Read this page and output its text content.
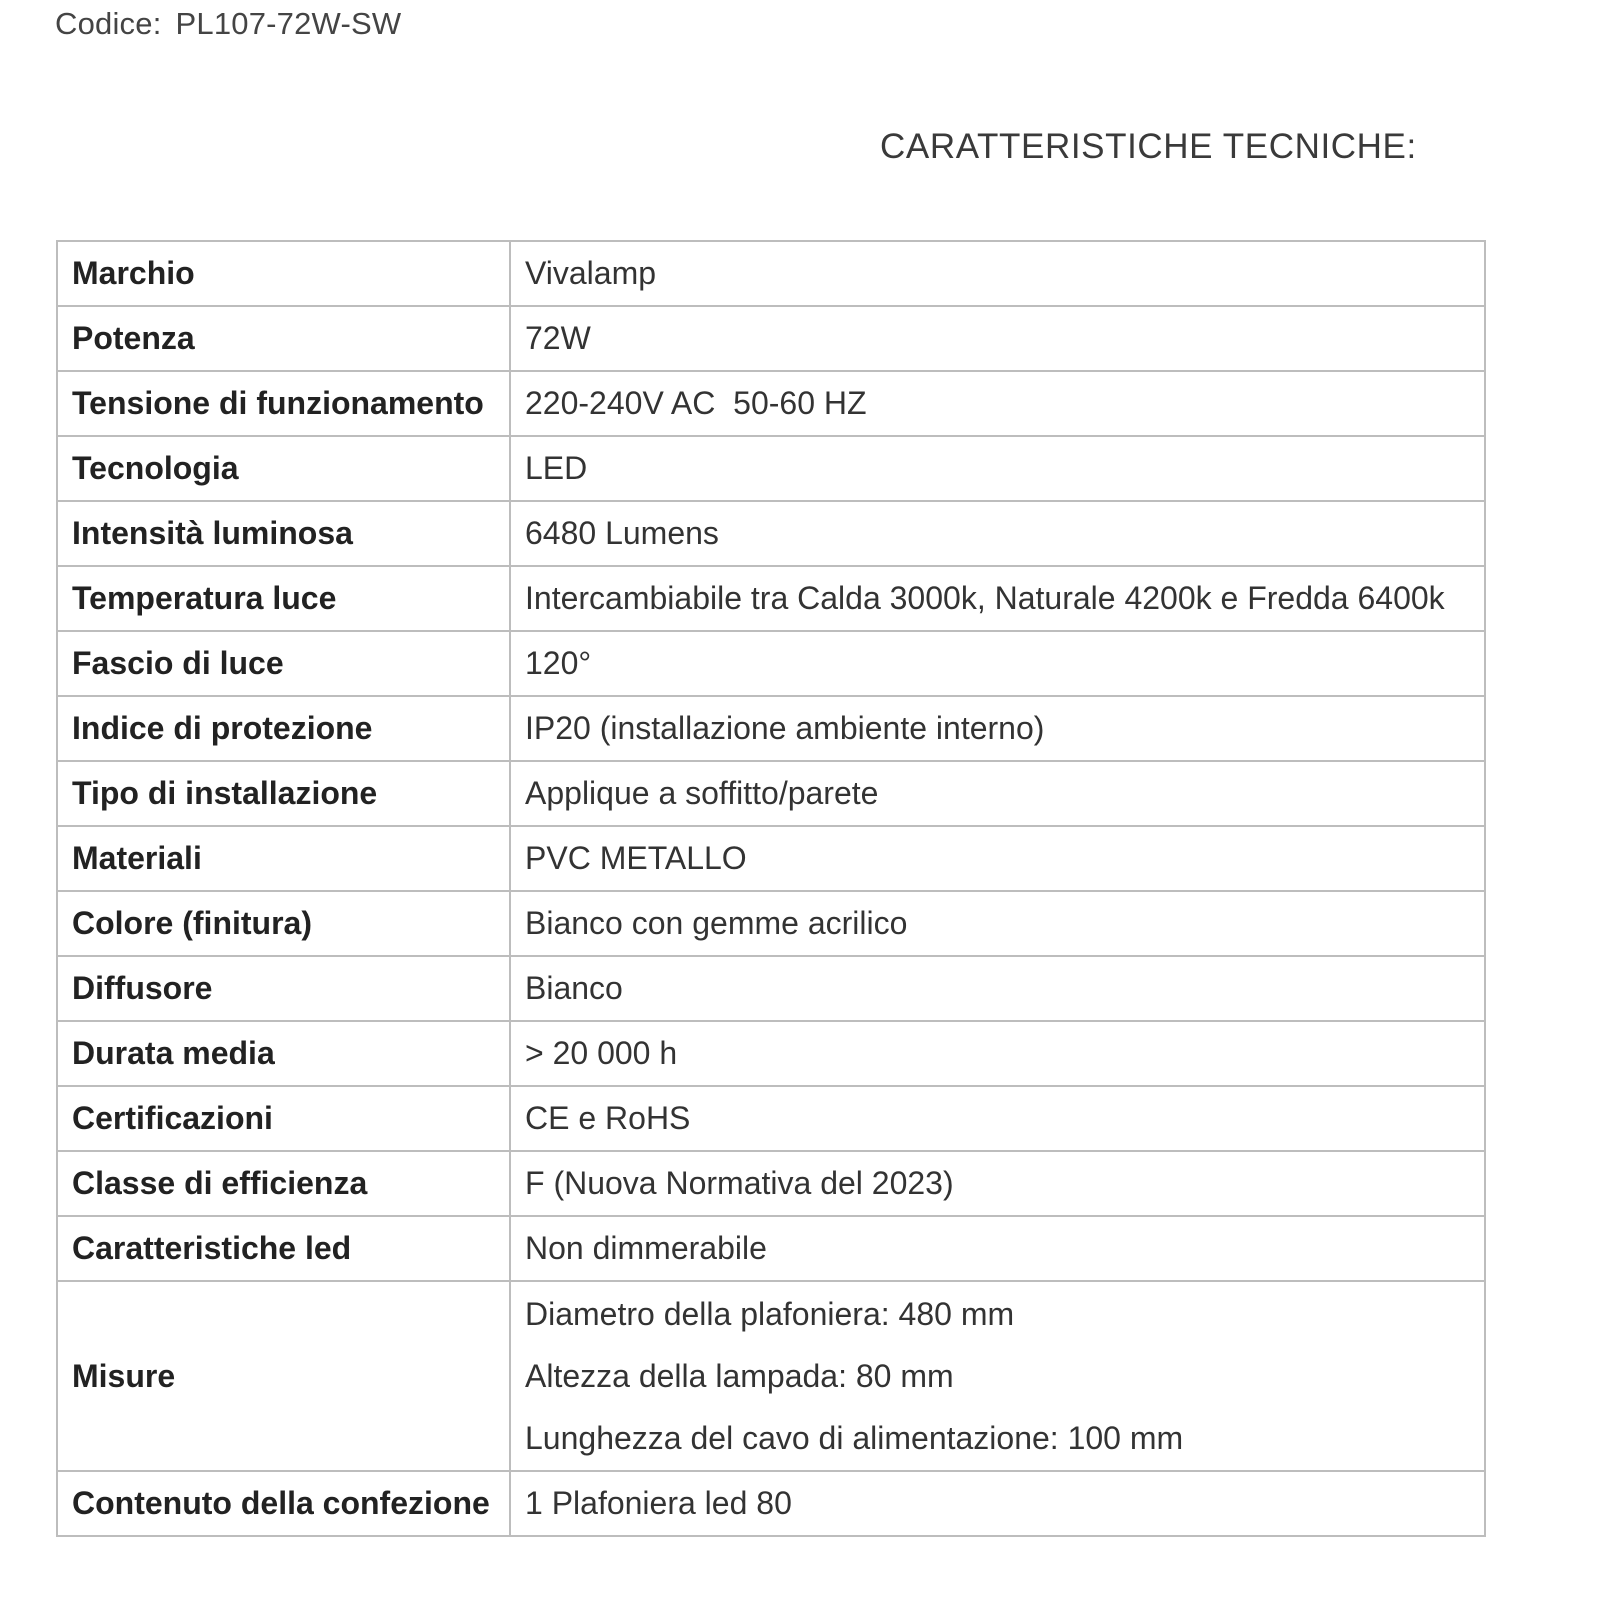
Codice: PL107-72W-SW
CARATTERISTICHE TECNICHE:
Marchio	Vivalamp
Potenza	72W
Tensione di funzionamento	220-240V AC  50-60 HZ
Tecnologia	LED
Intensità luminosa	6480 Lumens
Temperatura luce	Intercambiabile tra Calda 3000k, Naturale 4200k e Fredda 6400k
Fascio di luce	120°
Indice di protezione	IP20 (installazione ambiente interno)
Tipo di installazione	Applique a soffitto/parete
Materiali	PVC METALLO
Colore (finitura)	Bianco con gemme acrilico
Diffusore	Bianco
Durata media	> 20 000 h
Certificazioni	CE e RoHS
Classe di efficienza	F (Nuova Normativa del 2023)
Caratteristiche led	Non dimmerabile
Misure	Diametro della plafoniera: 480 mm
Altezza della lampada: 80 mm
Lunghezza del cavo di alimentazione: 100 mm

Contenuto della confezione	1 Plafoniera led 80
